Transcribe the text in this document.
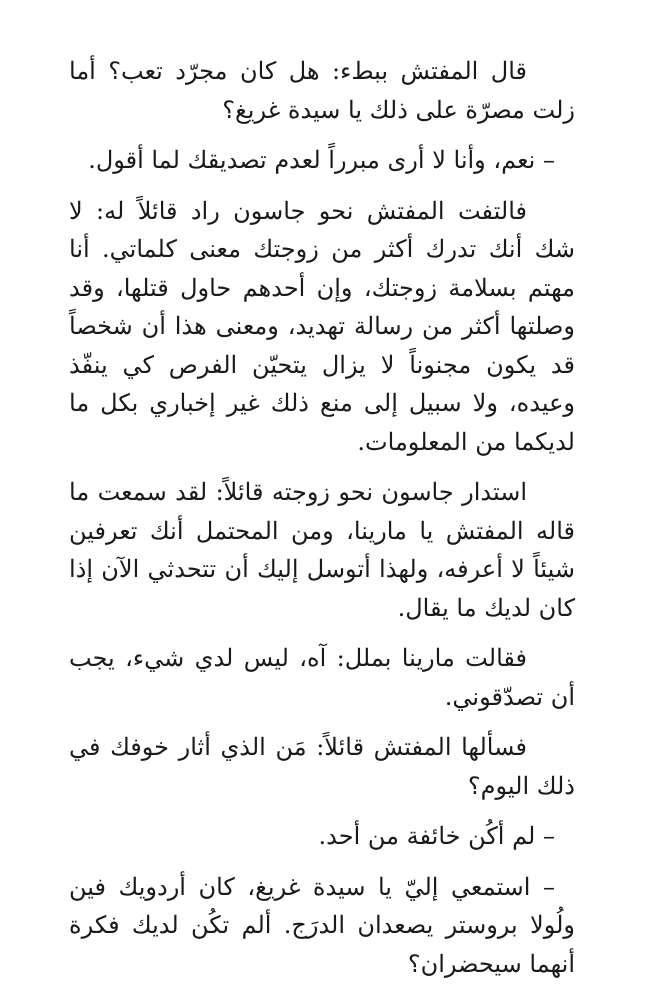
قال المفتش ببطء: هل كان مجرّد تعب؟ أما زلت مصرّة على ذلك يا سيدة غريغ؟

– نعم، وأنا لا أرى مبرراً لعدم تصديقك لما أقول.

فالتفت المفتش نحو جاسون راد قائلاً له: لا شك أنك تدرك أكثر من زوجتك معنى كلماتي. أنا مهتم بسلامة زوجتك، وإن أحدهم حاول قتلها، وقد وصلتها أكثر من رسالة تهديد، ومعنى هذا أن شخصاً قد يكون مجنوناً لا يزال يتحيّن الفرص كي ينفّذ وعيده، ولا سبيل إلى منع ذلك غير إخباري بكل ما لديكما من المعلومات.

استدار جاسون نحو زوجته قائلاً: لقد سمعت ما قاله المفتش يا مارينا، ومن المحتمل أنك تعرفين شيئاً لا أعرفه، ولهذا أتوسل إليك أن تتحدثي الآن إذا كان لديك ما يقال.

فقالت مارينا بملل: آه، ليس لدي شيء، يجب أن تصدّقوني.

فسألها المفتش قائلاً: مَن الذي أثار خوفك في ذلك اليوم؟

– لم أكُن خائفة من أحد.

– استمعي إليّ يا سيدة غريغ، كان أردويك فين ولُولا بروستر يصعدان الدرَج. ألم تكُن لديك فكرة أنهما سيحضران؟
